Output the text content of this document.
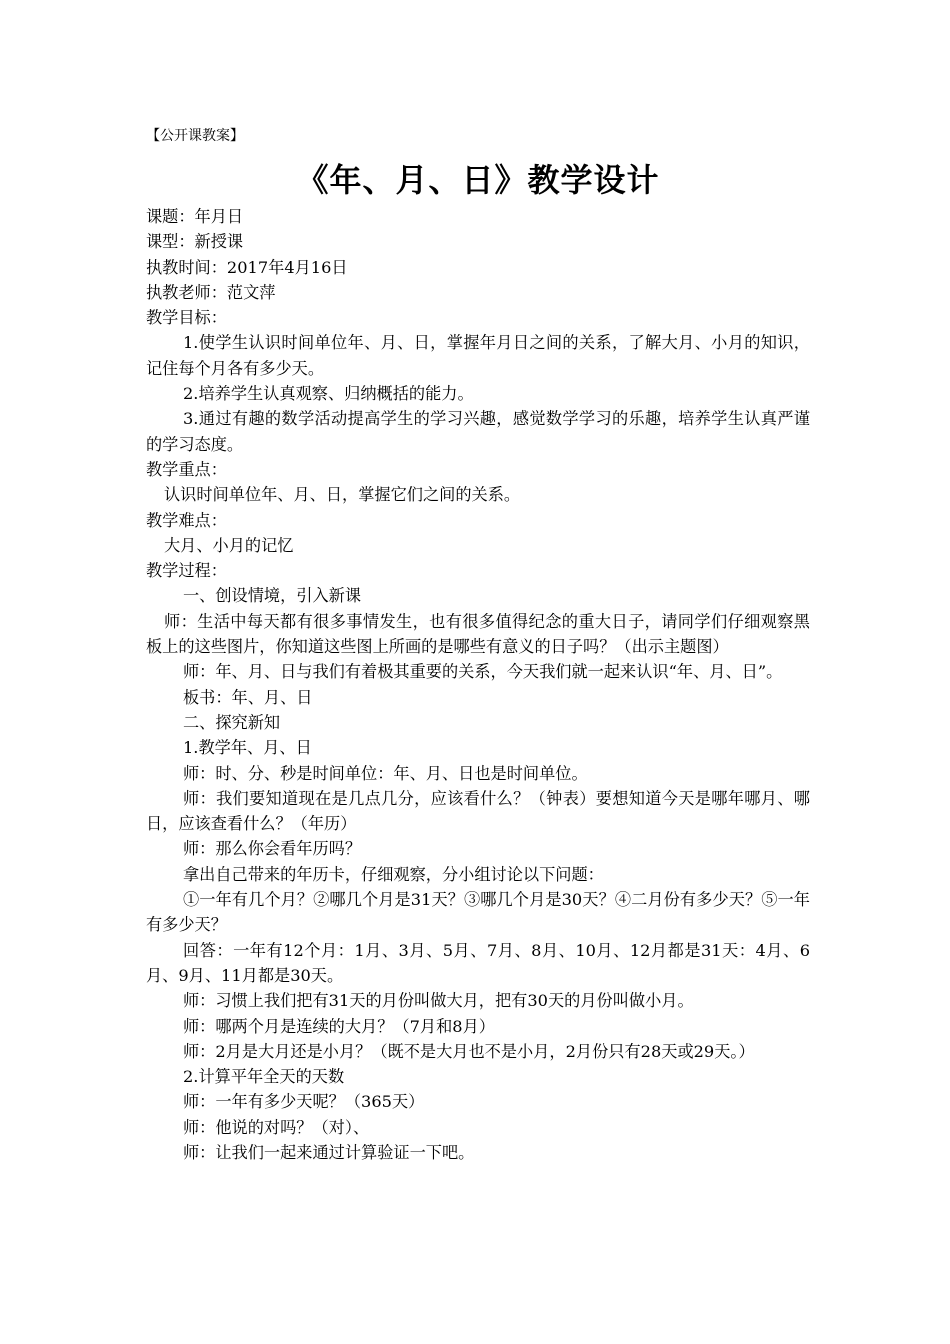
【公开课教案】

《年、月、日》教学设计

课题：年月日

课型：新授课

执教时间：2017年4月16日

执教老师：范文萍

教学目标：

1.使学生认识时间单位年、月、日，掌握年月日之间的关系，了解大月、小月的知识，记住每个月各有多少天。

2.培养学生认真观察、归纳概括的能力。

3.通过有趣的数学活动提高学生的学习兴趣，感觉数学学习的乐趣，培养学生认真严谨的学习态度。

教学重点：

认识时间单位年、月、日，掌握它们之间的关系。

教学难点：

大月、小月的记忆

教学过程：

一、创设情境，引入新课

师：生活中每天都有很多事情发生，也有很多值得纪念的重大日子，请同学们仔细观察黑板上的这些图片，你知道这些图上所画的是哪些有意义的日子吗？（出示主题图）

师：年、月、日与我们有着极其重要的关系，今天我们就一起来认识“年、月、日”。

板书：年、月、日

二、探究新知

1.教学年、月、日

师：时、分、秒是时间单位：年、月、日也是时间单位。

师：我们要知道现在是几点几分，应该看什么？（钟表）要想知道今天是哪年哪月、哪日，应该查看什么？（年历）

师：那么你会看年历吗？

拿出自己带来的年历卡，仔细观察，分小组讨论以下问题：

①一年有几个月？②哪几个月是31天？③哪几个月是30天？④二月份有多少天？⑤一年有多少天？

回答：一年有12个月：1月、3月、5月、7月、8月、10月、12月都是31天：4月、6月、9月、11月都是30天。

师：习惯上我们把有31天的月份叫做大月，把有30天的月份叫做小月。

师：哪两个月是连续的大月？（7月和8月）

师：2月是大月还是小月？（既不是大月也不是小月，2月份只有28天或29天。）

2.计算平年全天的天数

师：一年有多少天呢？（365天）

师：他说的对吗？（对）、

师：让我们一起来通过计算验证一下吧。
